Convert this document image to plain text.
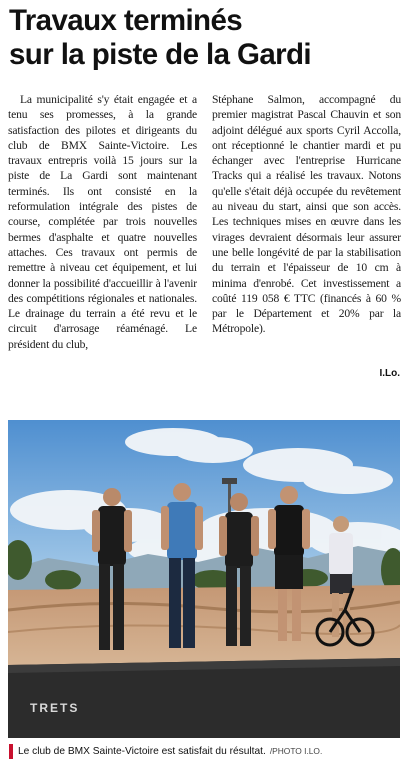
Travaux terminés
sur la piste de la Gardi

La municipalité s'y était engagée et a tenu ses promesses, à la grande satisfaction des pilotes et dirigeants du club de BMX Sainte-Victoire. Les travaux entrepris voilà 15 jours sur la piste de La Gardi sont maintenant terminés. Ils ont consisté en la reformulation intégrale des pistes de course, complétée par trois nouvelles bermes d'asphalte et quatre nouvelles attaches. Ces travaux ont permis de remettre à niveau cet équipement, et lui donner la possibilité d'accueillir à l'avenir des compétitions régionales et nationales. Le drainage du terrain a été revu et le circuit d'arrosage réaménagé. Le président du club,

Stéphane Salmon, accompagné du premier magistrat Pascal Chauvin et son adjoint délégué aux sports Cyril Accolla, ont réceptionné le chantier mardi et pu échanger avec l'entreprise Hurricane Tracks qui a réalisé les travaux. Notons qu'elle s'était déjà occupée du revêtement au niveau du start, ainsi que son accès. Les techniques mises en œuvre dans les virages devraient désormais leur assurer une belle longévité de par la stabilisation du terrain et l'épaisseur de 10 cm à minima d'enrobé. Cet investissement a coûté 119 058 € TTC (financés à 60 % par le Département et 20% par la Métropole).

I.Lo.
TRETS
Le club de BMX Sainte-Victoire est satisfait du résultat. /PHOTO I.LO.
